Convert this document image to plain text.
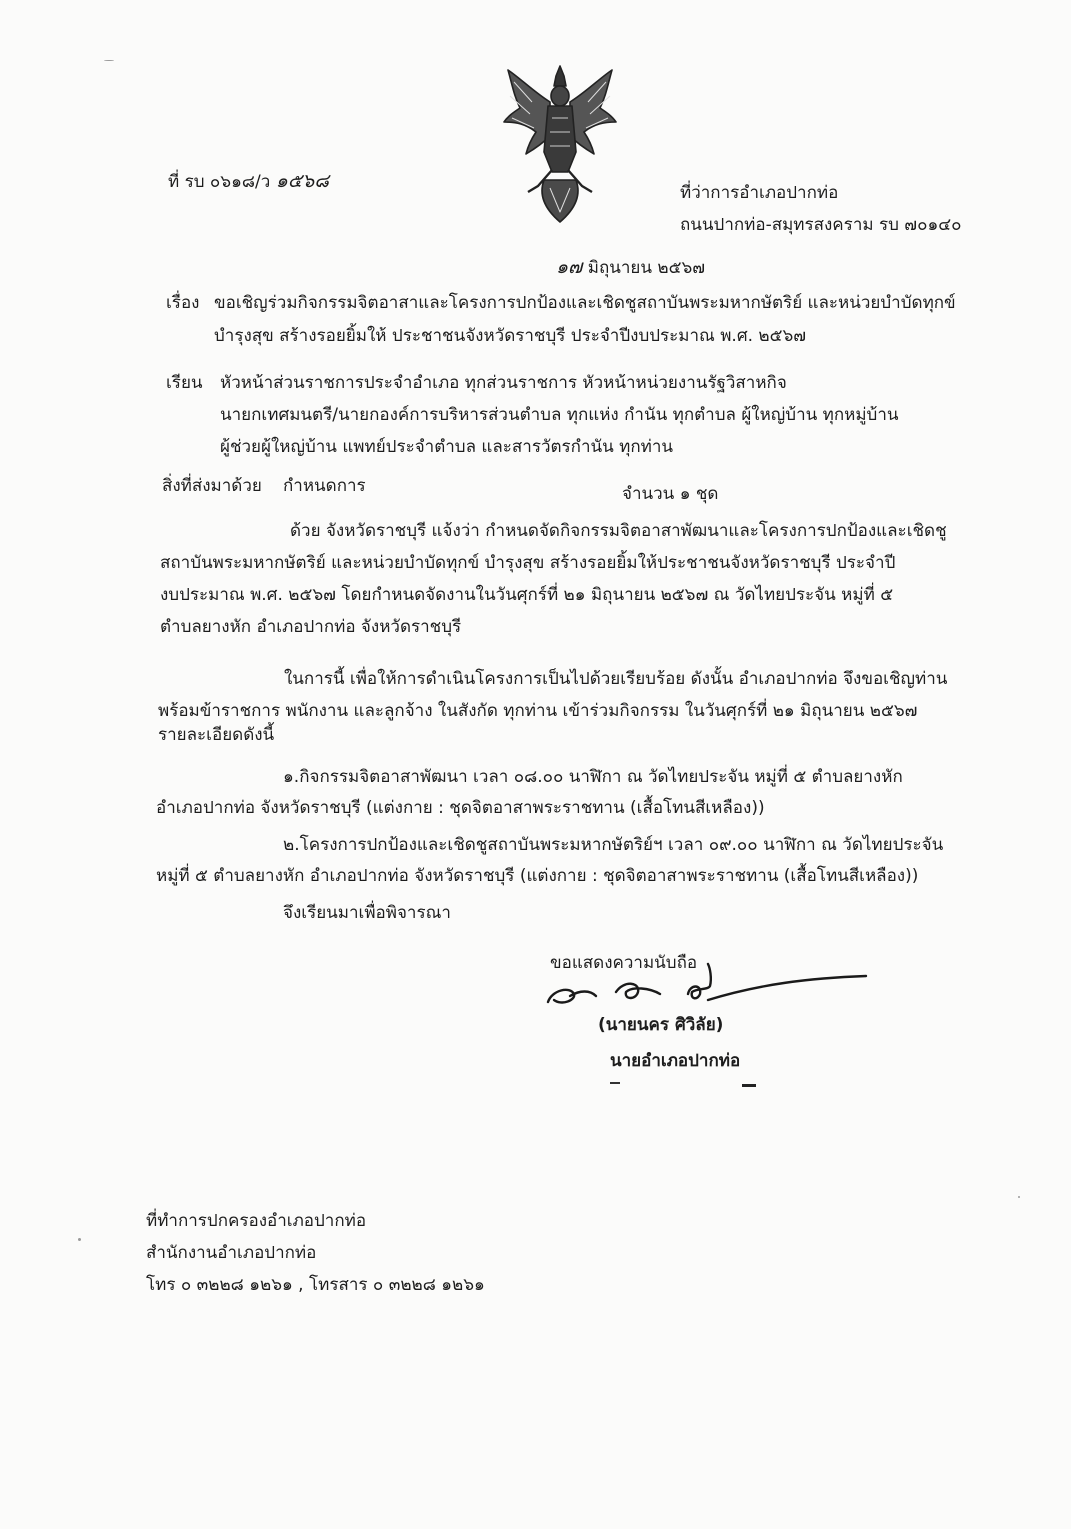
ที่ รบ ๐๖๑๘/ว ๑๕๖๘
ที่ว่าการอำเภอปากท่อ
ถนนปากท่อ-สมุทรสงคราม รบ ๗๐๑๔๐
๑๗ มิถุนายน ๒๕๖๗
เรื่อง ขอเชิญร่วมกิจกรรมจิตอาสาและโครงการปกป้องและเชิดชูสถาบันพระมหากษัตริย์ และหน่วยบำบัดทุกข์
บำรุงสุข สร้างรอยยิ้มให้ ประชาชนจังหวัดราชบุรี ประจำปีงบประมาณ พ.ศ. ๒๕๖๗
เรียน หัวหน้าส่วนราชการประจำอำเภอ ทุกส่วนราชการ หัวหน้าหน่วยงานรัฐวิสาหกิจ
นายกเทศมนตรี/นายกองค์การบริหารส่วนตำบล ทุกแห่ง กำนัน ทุกตำบล ผู้ใหญ่บ้าน ทุกหมู่บ้าน
ผู้ช่วยผู้ใหญ่บ้าน แพทย์ประจำตำบล และสารวัตรกำนัน ทุกท่าน
สิ่งที่ส่งมาด้วย กำหนดการ	จำนวน ๑ ชุด
ด้วย จังหวัดราชบุรี แจ้งว่า กำหนดจัดกิจกรรมจิตอาสาพัฒนาและโครงการปกป้องและเชิดชู
สถาบันพระมหากษัตริย์ และหน่วยบำบัดทุกข์ บำรุงสุข สร้างรอยยิ้มให้ประชาชนจังหวัดราชบุรี ประจำปี
งบประมาณ พ.ศ. ๒๕๖๗ โดยกำหนดจัดงานในวันศุกร์ที่ ๒๑ มิถุนายน ๒๕๖๗ ณ วัดไทยประจัน หมู่ที่ ๕
ตำบลยางหัก อำเภอปากท่อ จังหวัดราชบุรี
ในการนี้ เพื่อให้การดำเนินโครงการเป็นไปด้วยเรียบร้อย ดังนั้น อำเภอปากท่อ จึงขอเชิญท่าน
พร้อมข้าราชการ พนักงาน และลูกจ้าง ในสังกัด ทุกท่าน เข้าร่วมกิจกรรม ในวันศุกร์ที่ ๒๑ มิถุนายน ๒๕๖๗
รายละเอียดดังนี้
๑.กิจกรรมจิตอาสาพัฒนา เวลา ๐๘.๐๐ นาฬิกา ณ วัดไทยประจัน หมู่ที่ ๕ ตำบลยางหัก
อำเภอปากท่อ จังหวัดราชบุรี (แต่งกาย : ชุดจิตอาสาพระราชทาน (เสื้อโทนสีเหลือง))
๒.โครงการปกป้องและเชิดชูสถาบันพระมหากษัตริย์ฯ เวลา ๐๙.๐๐ นาฬิกา ณ วัดไทยประจัน
หมู่ที่ ๕ ตำบลยางหัก อำเภอปากท่อ จังหวัดราชบุรี (แต่งกาย : ชุดจิตอาสาพระราชทาน (เสื้อโทนสีเหลือง))
จึงเรียนมาเพื่อพิจารณา
ขอแสดงความนับถือ
(นายนคร ศิวิลัย)
นายอำเภอปากท่อ
ที่ทำการปกครองอำเภอปากท่อ
สำนักงานอำเภอปากท่อ
โทร ๐ ๓๒๒๘ ๑๒๖๑ , โทรสาร ๐ ๓๒๒๘ ๑๒๖๑
